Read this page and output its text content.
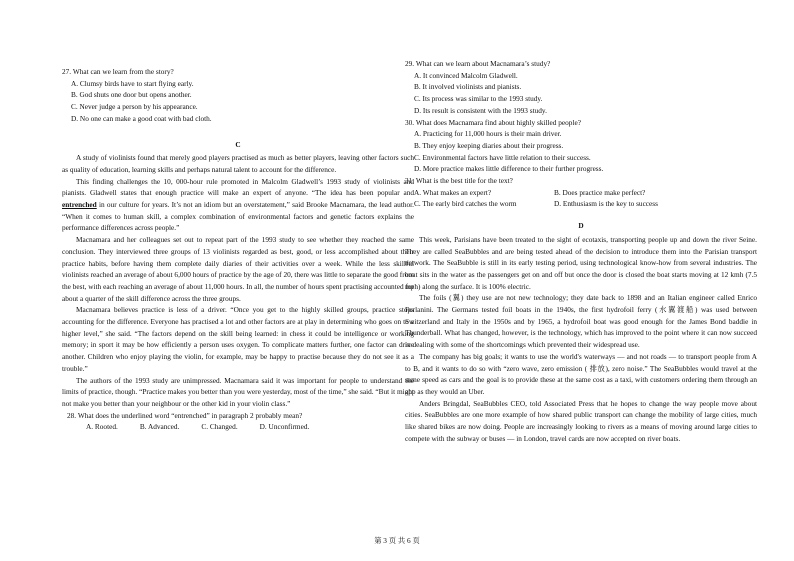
27. What can we learn from the story?

A. Clumsy birds have to start flying early.

B. God shuts one door but opens another.

C. Never judge a person by his appearance.

D. No one can make a good coat with bad cloth.

C

A study of violinists found that merely good players practised as much as better players, leaving other factors such as quality of education, learning skills and perhaps natural talent to account for the difference.

This finding challenges the 10, 000-hour rule promoted in Malcolm Gladwell’s 1993 study of violinists and pianists. Gladwell states that enough practice will make an expert of anyone. “The idea has been popular and entrenched in our culture for years. It’s not an idiom but an overstatement,” said Brooke Macnamara, the lead author. “When it comes to human skill, a complex combination of environmental factors and genetic factors explains the performance differences across people.”

Macnamara and her colleagues set out to repeat part of the 1993 study to see whether they reached the same conclusion. They interviewed three groups of 13 violinists regarded as best, good, or less accomplished about their practice habits, before having them complete daily diaries of their activities over a week. While the less skillful violinists reached an average of about 6,000 hours of practice by the age of 20, there was little to separate the good from the best, with each reaching an average of about 11,000 hours. In all, the number of hours spent practising accounted for about a quarter of the skill difference across the three groups.

Macnamara believes practice is less of a driver. “Once you get to the highly skilled groups, practice stops accounting for the difference. Everyone has practised a lot and other factors are at play in determining who goes on to a higher level,” she said. “The factors depend on the skill being learned: in chess it could be intelligence or working memory; in sport it may be how efficiently a person uses oxygen. To complicate matters further, one factor can drive another. Children who enjoy playing the violin, for example, may be happy to practise because they do not see it as a trouble.”

The authors of the 1993 study are unimpressed. Macnamara said it was important for people to understand the limits of practice, though. “Practice makes you better than you were yesterday, most of the time,” she said. “But it might not make you better than your neighbour or the other kid in your violin class.”

28. What does the underlined word “entrenched” in paragraph 2 probably mean?

A. Rooted.	B. Advanced.	C. Changed.	D. Unconfirmed.

29. What can we learn about Macnamara’s study?

A. It convinced Malcolm Gladwell.

B. It involved violinists and pianists.

C. Its process was similar to the 1993 study.

D. Its result is consistent with the 1993 study.

30. What does Macnamara find about highly skilled people?

A. Practicing for 11,000 hours is their main driver.

B. They enjoy keeping diaries about their progress.

C. Environmental factors have little relation to their success.

D. More practice makes little difference to their further progress.

31. What is the best title for the text?

A. What makes an expert?	B. Does practice make perfect?
C. The early bird catches the worm	D. Enthusiasm is the key to success
D

This week, Parisians have been treated to the sight of ecotaxis, transporting people up and down the river Seine. They are called SeaBubbles and are being tested ahead of the decision to introduce them into the Parisian transport network. The SeaBubble is still in its early testing period, using technological know-how from several industries. The boat sits in the water as the passengers get on and off but once the door is closed the boat starts moving at 12 kmh (7.5 mph) along the surface. It is 100% electric.

The foils (翼) they use are not new technology; they date back to 1898 and an Italian engineer called Enrico Forlanini. The Germans tested foil boats in the 1940s, the first hydrofoil ferry (水翼渡船) was used between Switzerland and Italy in the 1950s and by 1965, a hydrofoil boat was good enough for the James Bond baddie in Thunderball. What has changed, however, is the technology, which has improved to the point where it can now succeed in dealing with some of the shortcomings which prevented their widespread use.

The company has big goals; it wants to use the world's waterways — and not roads — to transport people from A to B, and it wants to do so with “zero wave, zero emission ( 排放), zero noise.” The SeaBubbles would travel at the same speed as cars and the goal is to provide these at the same cost as a taxi, with customers ordering them through an app as they would an Uber.

Anders Bringdal, SeaBubbles CEO, told Associated Press that he hopes to change the way people move about cities. SeaBubbles are one more example of how shared public transport can change the mobility of large cities, much like shared bikes are now doing. People are increasingly looking to rivers as a means of moving around large cities to compete with the subway or buses — in London, travel cards are now accepted on river boats.

第 3 页 共 6 页
